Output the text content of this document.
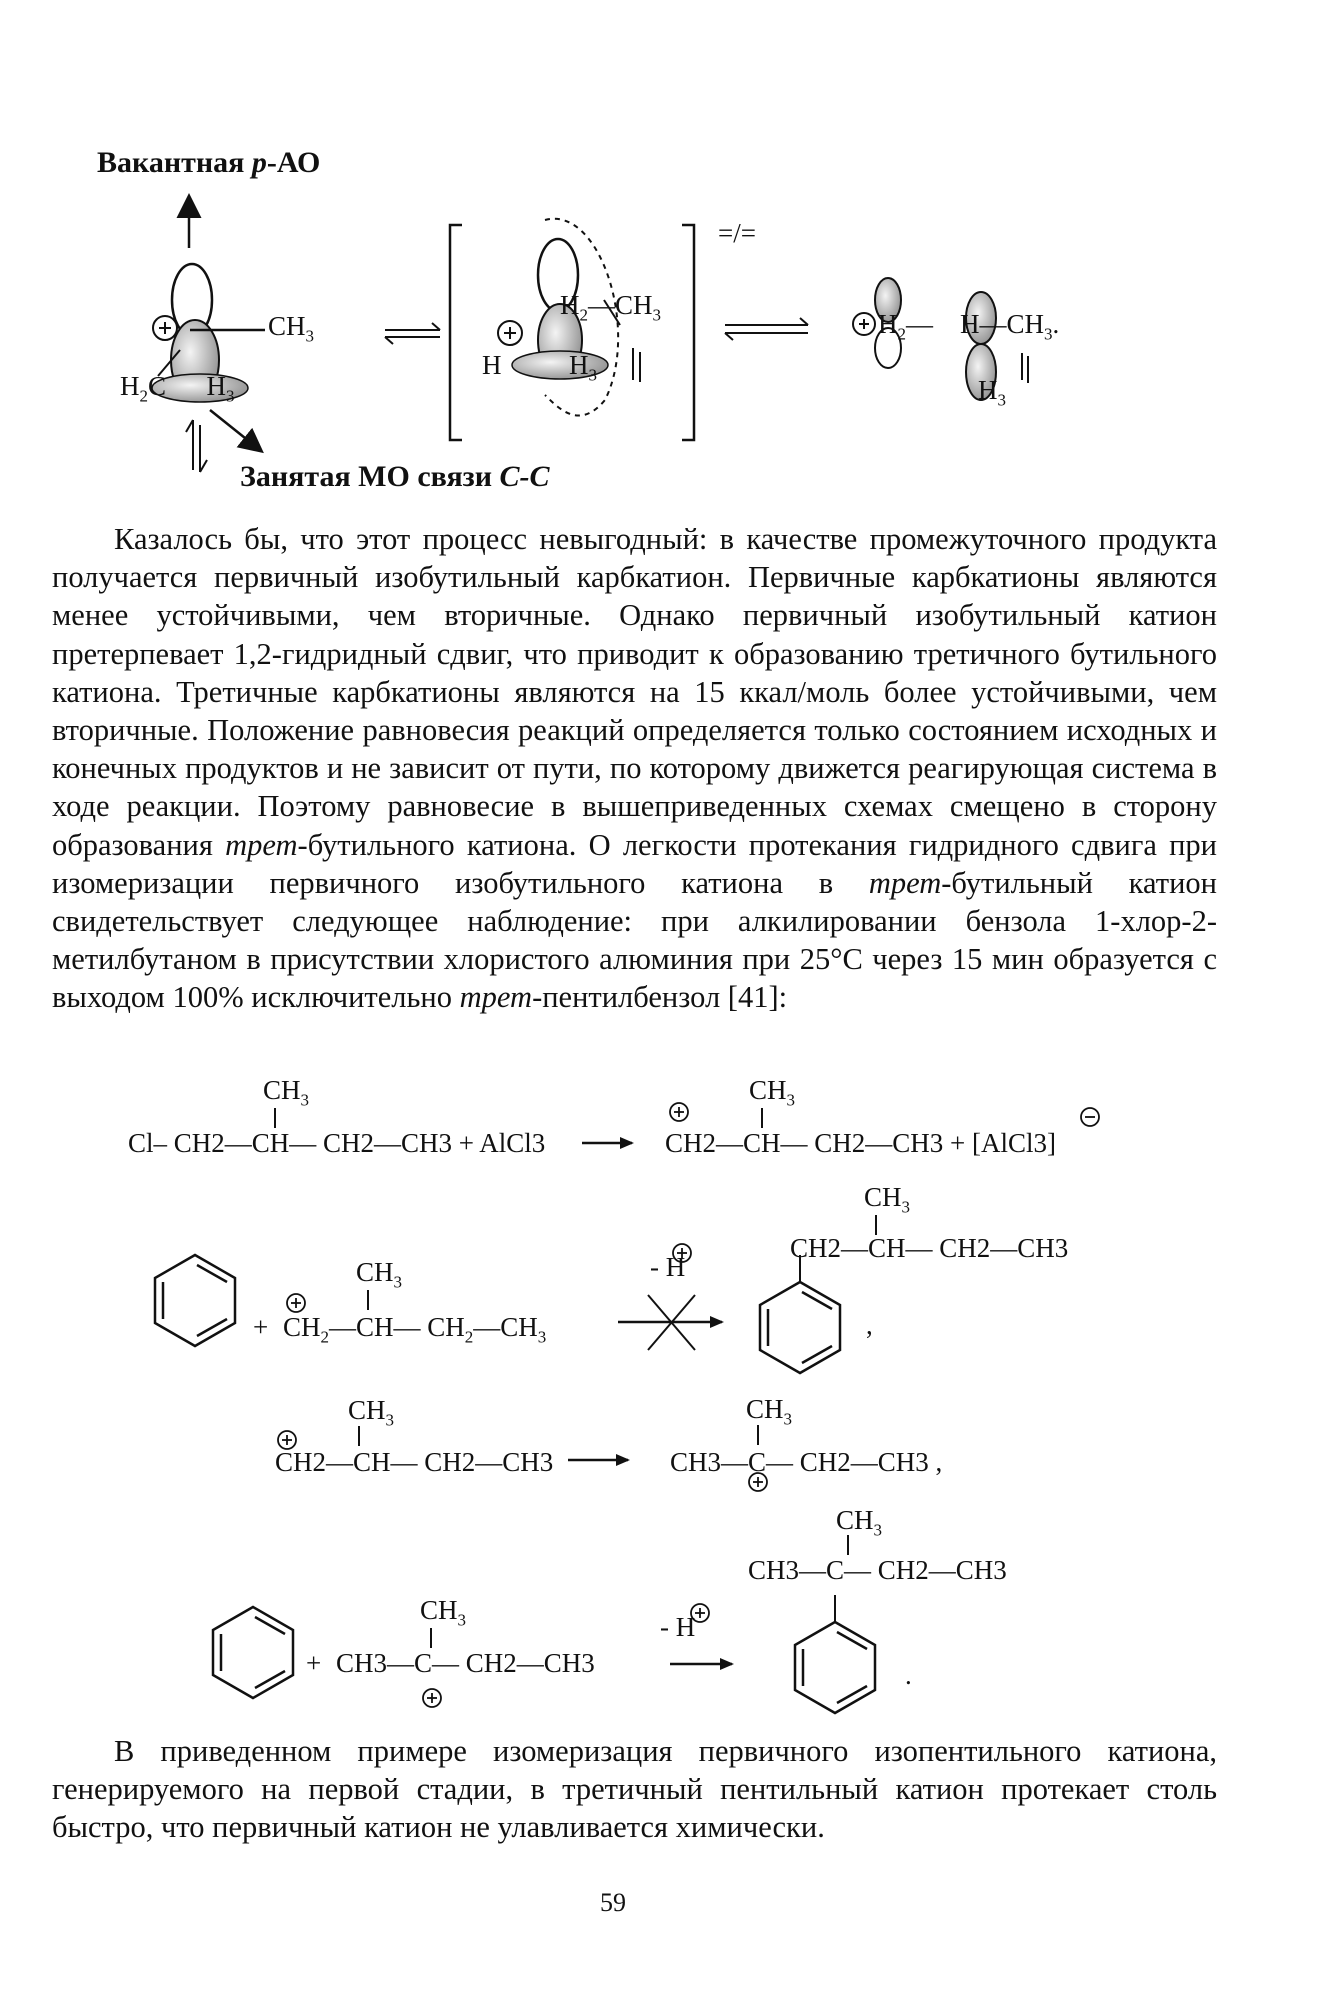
Вакантная p-АО
Занятая МО связи C-C
$CH_3$
$H_2C$      $H_3$
$H_2—CH_3$
H          $H_3$
=/=
$H_2—$    $H—CH_3$.
$H_3$
Казалось бы, что этот процесс невыгодный: в качестве промежуточного продукта получается первичный изобутильный карбкатион. Первичные карбкатионы являются менее устойчивыми, чем вторичные. Однако первичный изобутильный катион претерпевает 1,2-гидридный сдвиг, что приводит к образованию третичного бутильного катиона. Третичные карбкатионы являются на 15 ккал/моль более устойчивыми, чем вторичные. Положение равновесия реакций определяется только состоянием исходных и конечных продуктов и не зависит от пути, по которому движется реагирующая система в ходе реакции. Поэтому равновесие в вышеприведенных схемах смещено в сторону образования трет-бутильного катиона. О легкости протекания гидридного сдвига при изомеризации первичного изобутильного катиона в трет-бутильный катион свидетельствует следующее наблюдение: при алкилировании бензола 1-хлор-2-метилбутаном в присутствии хлористого алюминия при 25°C через 15 мин образуется с выходом 100% исключительно трет-пентилбензол [41]:
$CH_3$
Cl– CH2—CH— CH2—CH3 + AlCl3
$CH_3$
CH2—CH— CH2—CH3 + [AlCl3]
$CH_3$
+ $CH_2—CH—$ $CH_2—CH_3$
- H
$CH_3$
CH2—CH— CH2—CH3
,
$CH_3$
CH2—CH— CH2—CH3
$CH_3$
CH3—C— CH2—CH3 ,
$CH_3$
CH3—C— CH2—CH3
$CH_3$
+ CH3—C— CH2—CH3
- H
.
В приведенном примере изомеризация первичного изопентильного катиона, генерируемого на первой стадии, в третичный пентильный катион протекает столь быстро, что первичный катион не улавливается химически.
59
